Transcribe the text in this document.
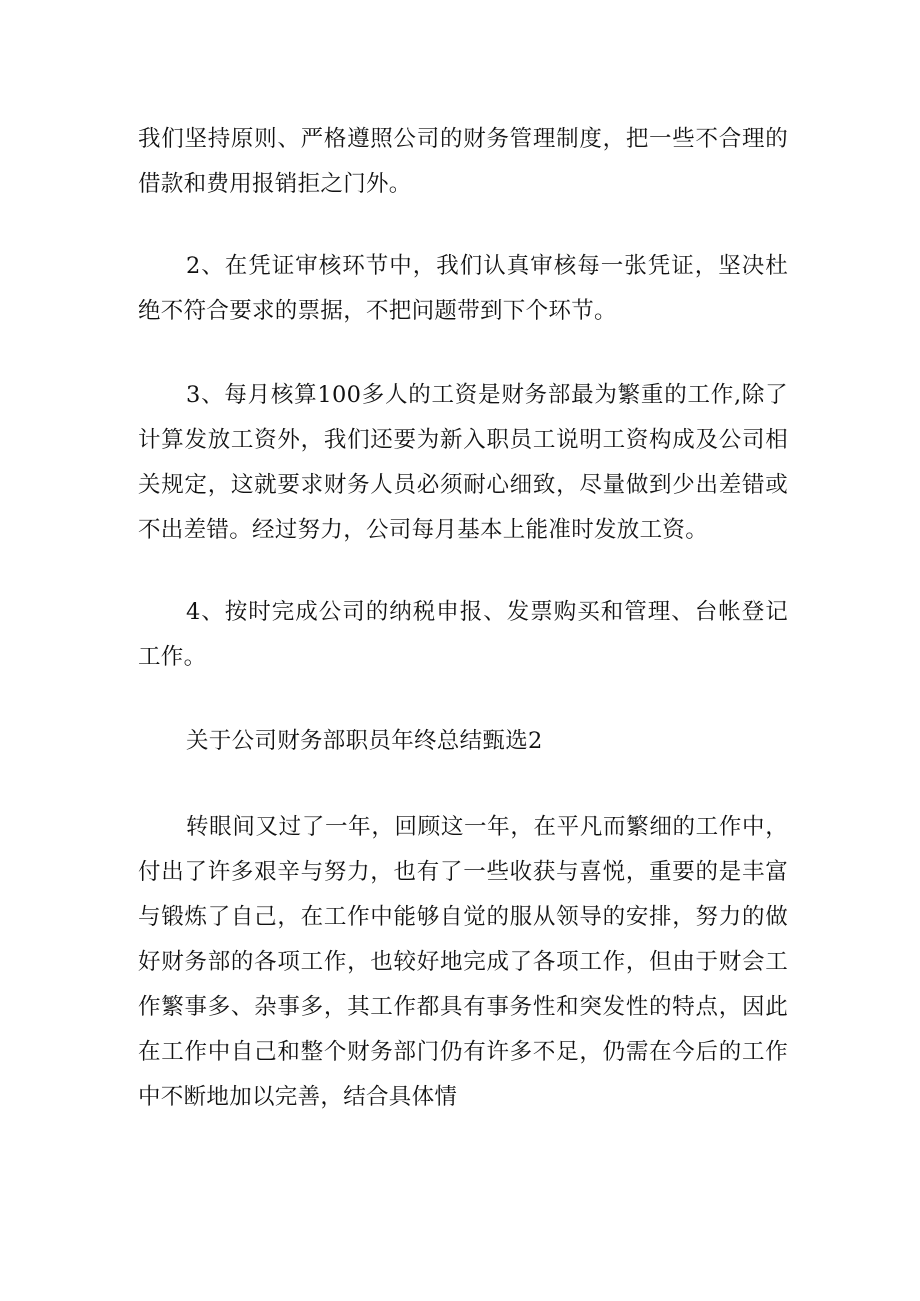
我们坚持原则、严格遵照公司的财务管理制度，把一些不合理的借款和费用报销拒之门外。

2、在凭证审核环节中，我们认真审核每一张凭证，坚决杜绝不符合要求的票据，不把问题带到下个环节。

3、每月核算100多人的工资是财务部最为繁重的工作,除了计算发放工资外，我们还要为新入职员工说明工资构成及公司相关规定，这就要求财务人员必须耐心细致，尽量做到少出差错或不出差错。经过努力，公司每月基本上能准时发放工资。

4、按时完成公司的纳税申报、发票购买和管理、台帐登记工作。

关于公司财务部职员年终总结甄选2

转眼间又过了一年，回顾这一年，在平凡而繁细的工作中，付出了许多艰辛与努力，也有了一些收获与喜悦，重要的是丰富与锻炼了自己，在工作中能够自觉的服从领导的安排，努力的做好财务部的各项工作，也较好地完成了各项工作，但由于财会工作繁事多、杂事多，其工作都具有事务性和突发性的特点，因此在工作中自己和整个财务部门仍有许多不足，仍需在今后的工作中不断地加以完善，结合具体情
